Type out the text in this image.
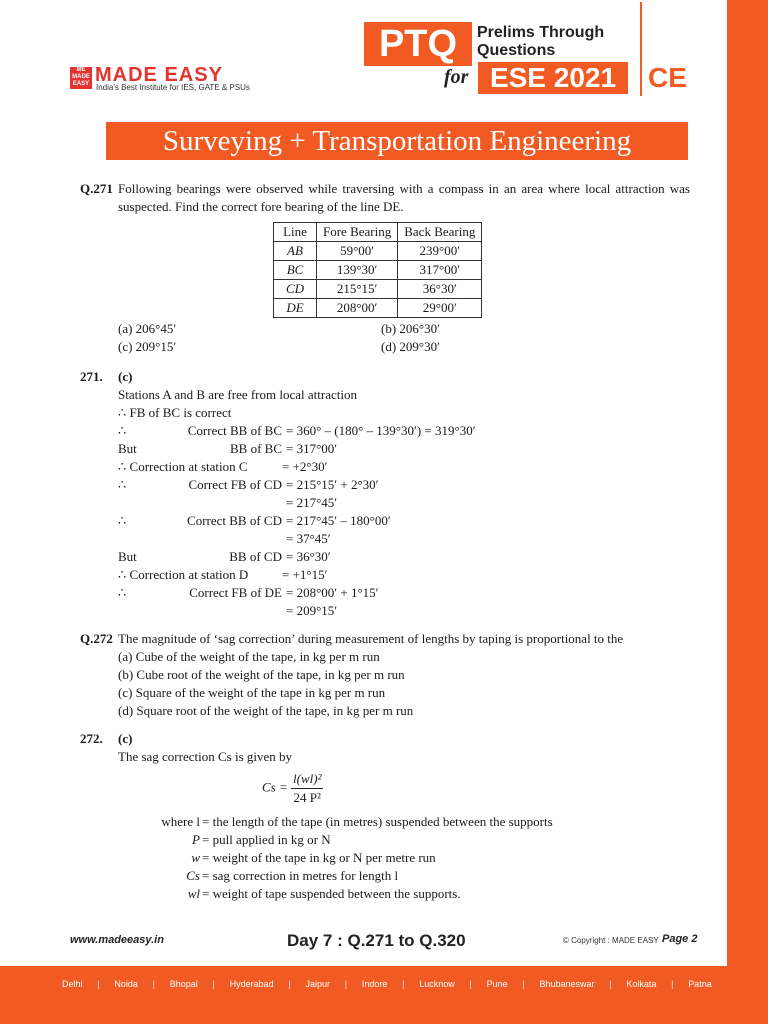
ME MADE EASY MADE EASY
India's Best Institute for IES, GATE & PSUs
PTQ	Prelims Through
Questions
for ESE 2021	CE
Surveying + Transportation Engineering
Q.271 Following bearings were observed while traversing with a compass in an area where local attraction was suspected. Find the correct fore bearing of the line DE.
Line	Fore Bearing	Back Bearing
AB	59°00′	239°00′
BC	139°30′	317°00′
CD	215°15′	36°30′
DE	208°00′	29°00′
(a) 206°45′	(b) 206°30′
(c) 209°15′	(d) 209°30′
271.	(c)
Stations A and B are free from local attraction
∴ FB of BC is correct
∴	Correct BB of BC = 360° – (180° – 139°30′) = 319°30′
But	BB of BC = 317°00′
∴ Correction at station C	= +2°30′
∴	Correct FB of CD = 215°15′ + 2°30′
= 217°45′
∴	Correct BB of CD = 217°45′ – 180°00′
= 37°45′
But	BB of CD = 36°30′
∴ Correction at station D	= +1°15′
∴	Correct FB of DE = 208°00′ + 1°15′
= 209°15′
Q.272 The magnitude of ‘sag correction’ during measurement of lengths by taping is proportional to the
(a) Cube of the weight of the tape, in kg per m run
(b) Cube root of the weight of the tape, in kg per m run
(c) Square of the weight of the tape in kg per m run
(d) Square root of the weight of the tape, in kg per m run
272.	(c)
The sag correction Cs is given by
$Cs = \frac{\text{l(wl)²}}{\text{24 P²}}$
where l = the length of the tape (in metres) suspended between the supports
P = pull applied in kg or N
w = weight of the tape in kg or N per metre run
Cs = sag correction in metres for length l
wl = weight of tape suspended between the supports.
www.madeeasy.in	Day 7 : Q.271 to Q.320	© Copyright : MADE EASY Page 2
Delhi | Noida | Bhopal | Hyderabad | Jaipur | Indore | Lucknow | Pune | Bhubaneswar | Kolkata | Patna
